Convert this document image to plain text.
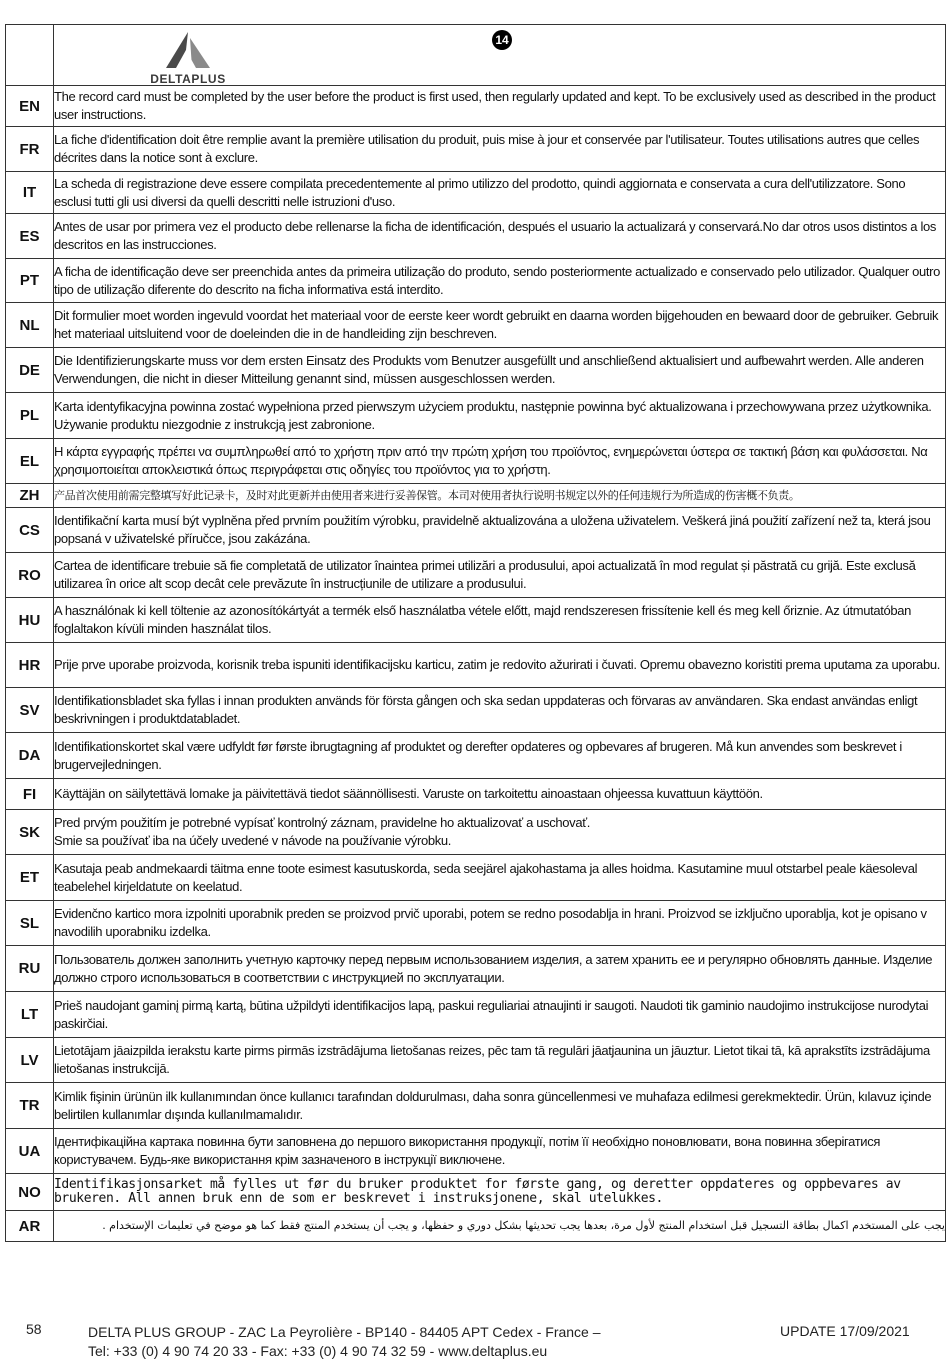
	DELTAPLUS
14

EN	The record card must be completed by the user before the product is first used, then regularly updated and kept. To be exclusively used as described in the product user instructions.
FR	La fiche d'identification doit être remplie avant la première utilisation du produit, puis mise à jour et conservée par l'utilisateur. Toutes utilisations autres que celles décrites dans la notice sont à exclure.
IT	La scheda di registrazione deve essere compilata precedentemente al primo utilizzo del prodotto, quindi aggiornata e conservata a cura dell'utilizzatore. Sono esclusi tutti gli usi diversi da quelli descritti nelle istruzioni d'uso.
ES	Antes de usar por primera vez el producto debe rellenarse la ficha de identificación, después el usuario la actualizará y conservará.No dar otros usos distintos a los descritos en las instrucciones.
PT	A ficha de identificação deve ser preenchida antes da primeira utilização do produto, sendo posteriormente actualizado e conservado pelo utilizador. Qualquer outro tipo de utilização diferente do descrito na ficha informativa está interdito.
NL	Dit formulier moet worden ingevuld voordat het materiaal voor de eerste keer wordt gebruikt en daarna worden bijgehouden en bewaard door de gebruiker. Gebruik het materiaal uitsluitend voor de doeleinden die in de handleiding zijn beschreven.
DE	Die Identifizierungskarte muss vor dem ersten Einsatz des Produkts vom Benutzer ausgefüllt und anschließend aktualisiert und aufbewahrt werden. Alle anderen Verwendungen, die nicht in dieser Mitteilung genannt sind, müssen ausgeschlossen werden.
PL	Karta identyfikacyjna powinna zostać wypełniona przed pierwszym użyciem produktu, następnie powinna być aktualizowana i przechowywana przez użytkownika. Używanie produktu niezgodnie z instrukcją jest zabronione.
EL	Η κάρτα εγγραφής πρέπει να συμπληρωθεί από το χρήστη πριν από την πρώτη χρήση του προϊόντος, ενημερώνεται ύστερα σε τακτική βάση και φυλάσσεται. Να χρησιμοποιείται αποκλειστικά όπως περιγράφεται στις οδηγίες του προϊόντος για το χρήστη.
ZH	产品首次使用前需完整填写好此记录卡，及时对此更新并由使用者来进行妥善保管。本司对使用者执行说明书规定以外的任何违规行为所造成的伤害概不负责。
CS	Identifikační karta musí být vyplněna před prvním použitím výrobku, pravidelně aktualizována a uložena uživatelem. Veškerá jiná použití zařízení než ta, která jsou popsaná v uživatelské příručce, jsou zakázána.
RO	Cartea de identificare trebuie să fie completată de utilizator înaintea primei utilizări a produsului, apoi actualizată în mod regulat și păstrată cu grijă. Este exclusă utilizarea în orice alt scop decât cele prevăzute în instrucțiunile de utilizare a produsului.
HU	A használónak ki kell töltenie az azonosítókártyát a termék első használatba vétele előtt, majd rendszeresen frissítenie kell és meg kell őriznie. Az útmutatóban foglaltakon kívüli minden használat tilos.
HR	Prije prve uporabe proizvoda, korisnik treba ispuniti identifikacijsku karticu, zatim je redovito ažurirati i čuvati. Opremu obavezno koristiti prema uputama za uporabu.
SV	Identifikationsbladet ska fyllas i innan produkten används för första gången och ska sedan uppdateras och förvaras av användaren. Ska endast användas enligt beskrivningen i produktdatabladet.
DA	Identifikationskortet skal være udfyldt før første ibrugtagning af produktet og derefter opdateres og opbevares af brugeren. Må kun anvendes som beskrevet i brugervejledningen.
FI	Käyttäjän on säilytettävä lomake ja päivitettävä tiedot säännöllisesti. Varuste on tarkoitettu ainoastaan ohjeessa kuvattuun käyttöön.
SK	Pred prvým použitím je potrebné vypísať kontrolný záznam, pravidelne ho aktualizovať a uschovať.
Smie sa používať iba na účely uvedené v návode na používanie výrobku.
ET	Kasutaja peab andmekaardi täitma enne toote esimest kasutuskorda, seda seejärel ajakohastama ja alles hoidma. Kasutamine muul otstarbel peale käesoleval teabelehel kirjeldatute on keelatud.
SL	Evidenčno kartico mora izpolniti uporabnik preden se proizvod prvič uporabi, potem se redno posodablja in hrani. Proizvod se izključno uporablja, kot je opisano v navodilih uporabniku izdelka.
RU	Пользователь должен заполнить учетную карточку перед первым использованием изделия, а затем хранить ее и регулярно обновлять данные. Изделие должно строго использоваться в соответствии с инструкцией по эксплуатации.
LT	Prieš naudojant gaminį pirmą kartą, būtina užpildyti identifikacijos lapą, paskui reguliariai atnaujinti ir saugoti. Naudoti tik gaminio naudojimo instrukcijose nurodytai paskirčiai.
LV	Lietotājam jāaizpilda ierakstu karte pirms pirmās izstrādājuma lietošanas reizes, pēc tam tā regulāri jāatjaunina un jāuztur. Lietot tikai tā, kā aprakstīts izstrādājuma lietošanas instrukcijā.
TR	Kimlik fişinin ürünün ilk kullanımından önce kullanıcı tarafından doldurulması, daha sonra güncellenmesi ve muhafaza edilmesi gerekmektedir. Ürün, kılavuz içinde belirtilen kullanımlar dışında kullanılmamalıdır.
UA	Ідентифікаційна картака повинна бути заповнена до першого використання продукції, потім її необхідно поновлювати, вона повинна зберігатися користувачем. Будь-яке використання крім зазначеного в інструкції виключене.
NO	Identifikasjonsarket må fylles ut før du bruker produktet for første gang, og deretter oppdateres og oppbevares av brukeren. All annen bruk enn de som er beskrevet i instruksjonene, skal utelukkes.
AR	يجب على المستخدم اكمال بطاقة التسجيل قبل استخدام المنتج لأول مرة، بعدها يجب تحديثها بشكل دوري و حفظها، و يجب أن يستخدم المنتج فقط كما هو موضح في تعليمات الإستخدام .
58	DELTA PLUS GROUP - ZAC La Peyrolière - BP140 - 84405 APT Cedex - France –
Tel: +33 (0) 4 90 74 20 33 - Fax: +33 (0) 4 90 74 32 59 - www.deltaplus.eu
UPDATE 17/09/2021
